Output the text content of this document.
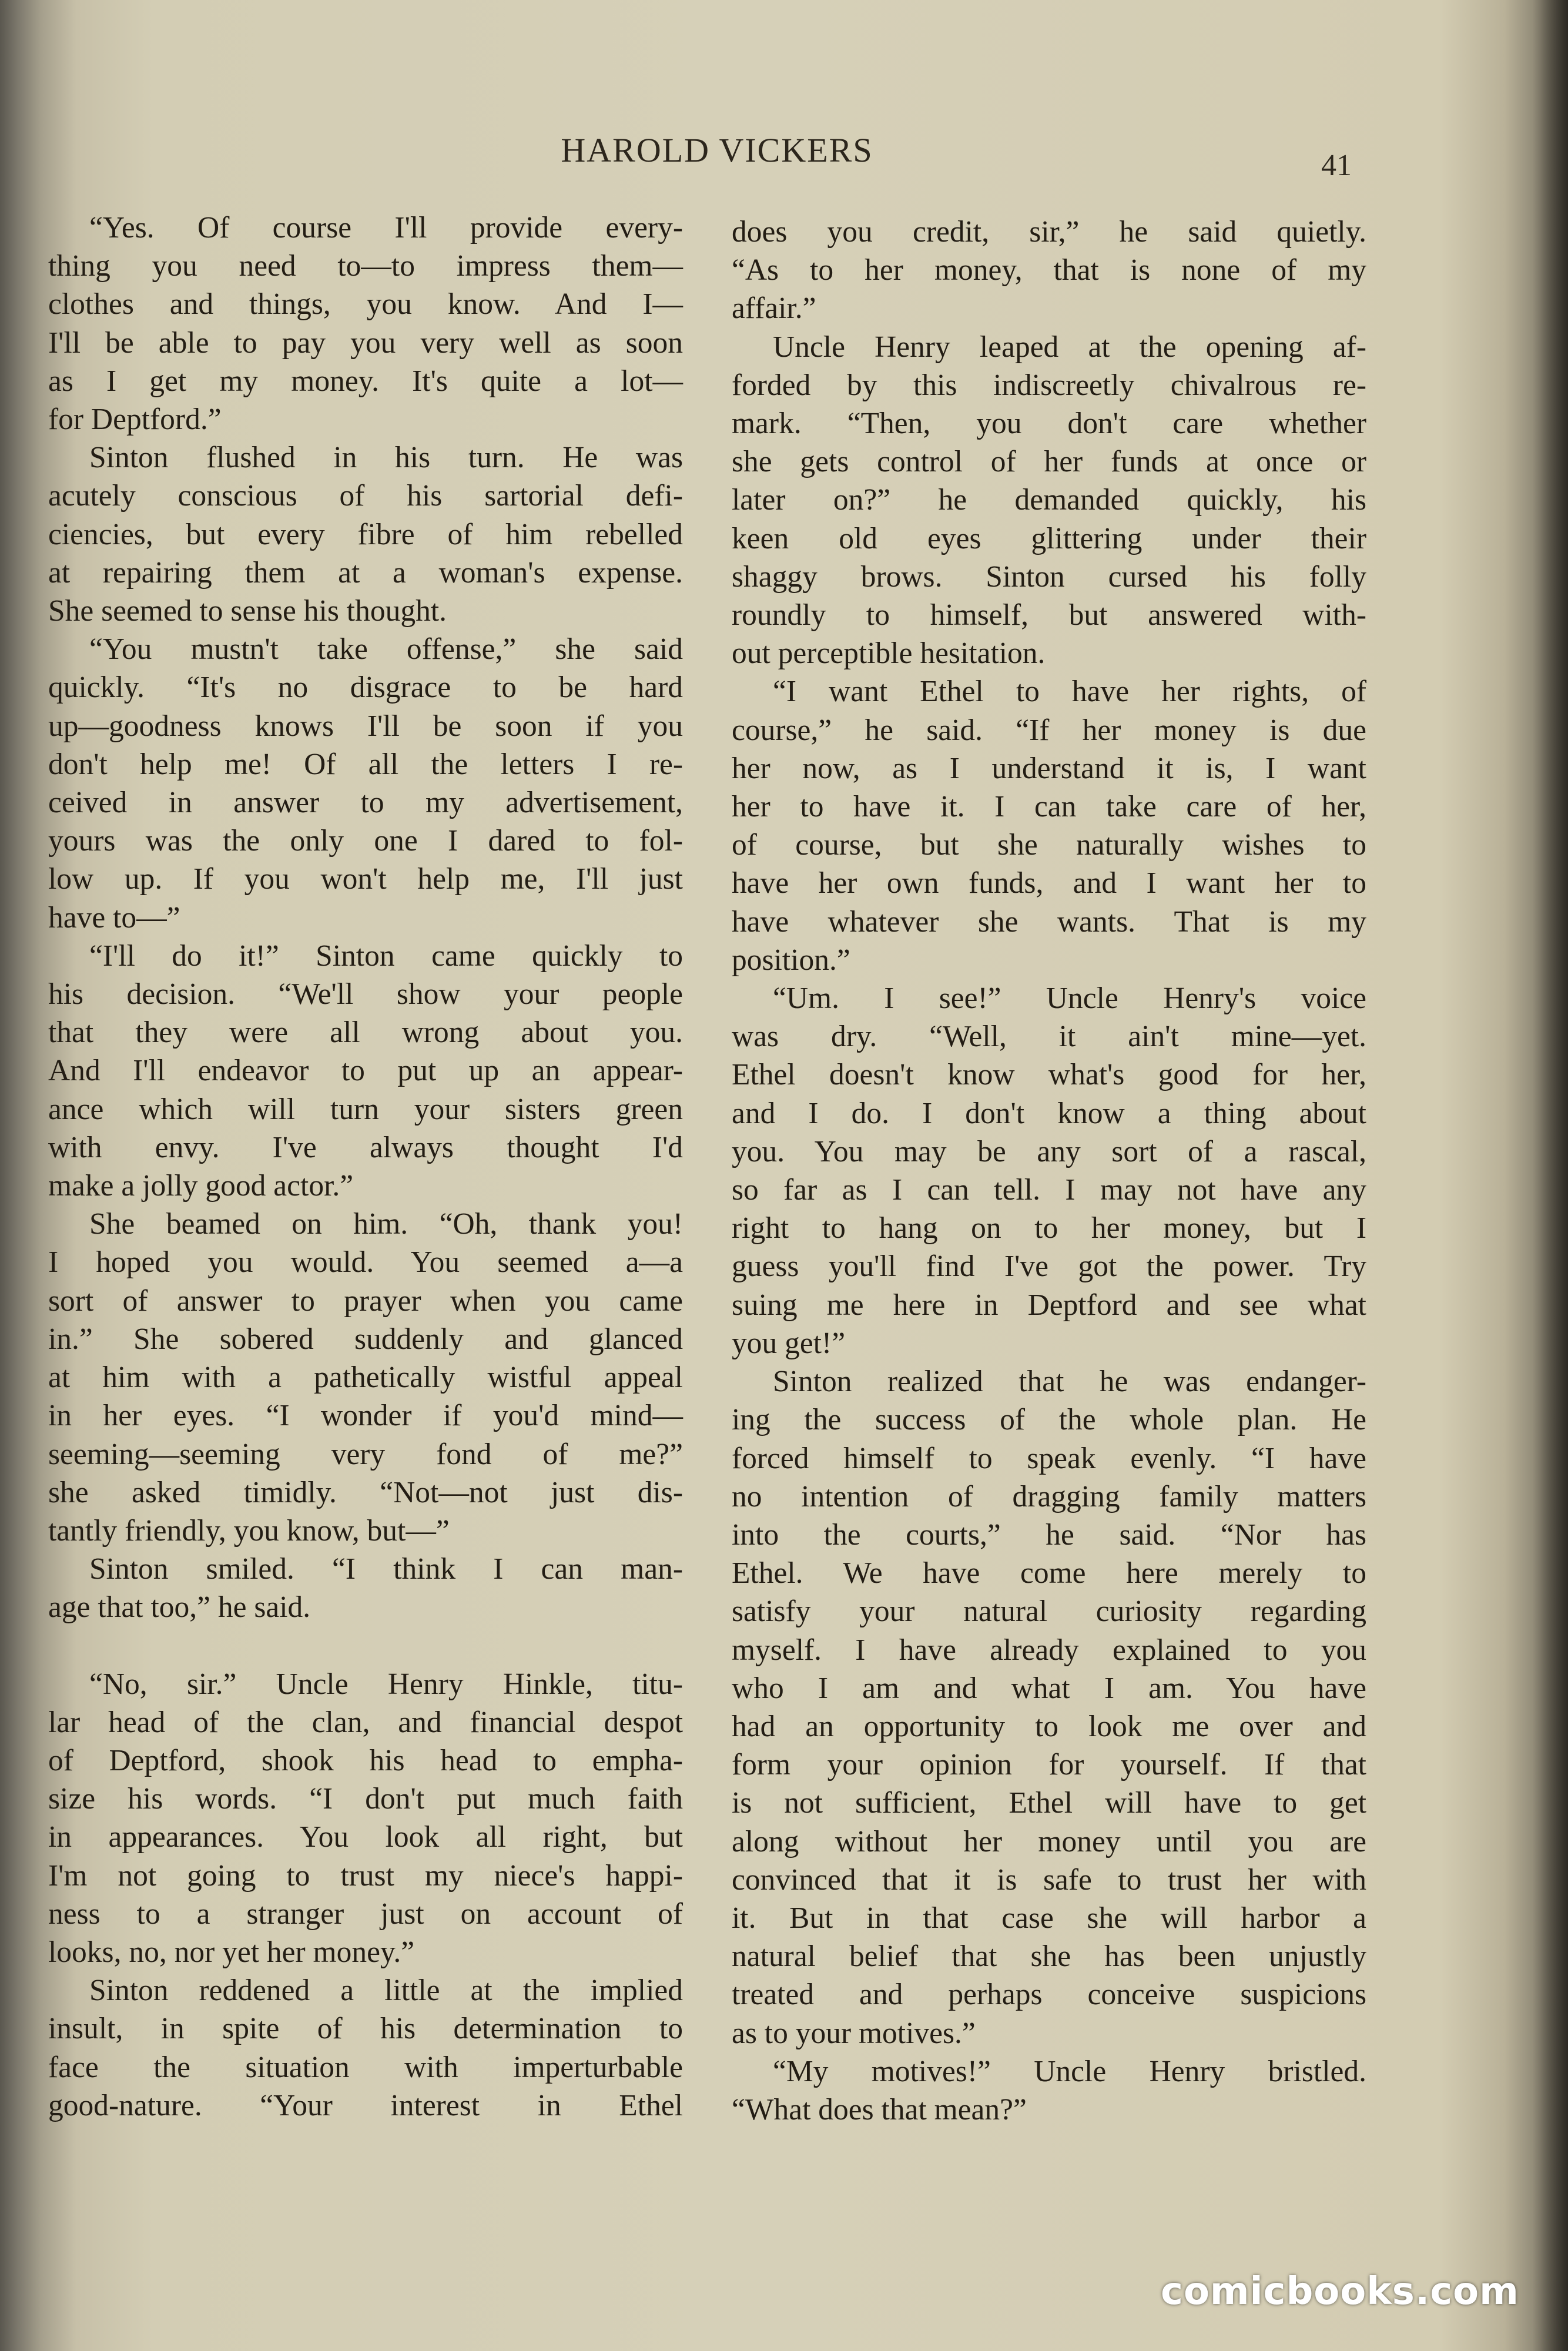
HAROLD VICKERS	41
“Yes. Of course I'll provide every-
thing you need to—to impress them—
clothes and things, you know. And I—
I'll be able to pay you very well as soon
as I get my money. It's quite a lot—
for Deptford.”
Sinton flushed in his turn. He was
acutely conscious of his sartorial defi-
ciencies, but every fibre of him rebelled
at repairing them at a woman's expense.
She seemed to sense his thought.
“You mustn't take offense,” she said
quickly. “It's no disgrace to be hard
up—goodness knows I'll be soon if you
don't help me! Of all the letters I re-
ceived in answer to my advertisement,
yours was the only one I dared to fol-
low up. If you won't help me, I'll just
have to—”
“I'll do it!” Sinton came quickly to
his decision. “We'll show your people
that they were all wrong about you.
And I'll endeavor to put up an appear-
ance which will turn your sisters green
with envy. I've always thought I'd
make a jolly good actor.”
She beamed on him. “Oh, thank you!
I hoped you would. You seemed a—a
sort of answer to prayer when you came
in.” She sobered suddenly and glanced
at him with a pathetically wistful appeal
in her eyes. “I wonder if you'd mind—
seeming—seeming very fond of me?”
she asked timidly. “Not—not just dis-
tantly friendly, you know, but—”
Sinton smiled. “I think I can man-
age that too,” he said.
“No, sir.” Uncle Henry Hinkle, titu-
lar head of the clan, and financial despot
of Deptford, shook his head to empha-
size his words. “I don't put much faith
in appearances. You look all right, but
I'm not going to trust my niece's happi-
ness to a stranger just on account of
looks, no, nor yet her money.”
Sinton reddened a little at the implied
insult, in spite of his determination to
face the situation with imperturbable
good-nature. “Your interest in Ethel
does you credit, sir,” he said quietly.
“As to her money, that is none of my
affair.”
Uncle Henry leaped at the opening af-
forded by this indiscreetly chivalrous re-
mark. “Then, you don't care whether
she gets control of her funds at once or
later on?” he demanded quickly, his
keen old eyes glittering under their
shaggy brows. Sinton cursed his folly
roundly to himself, but answered with-
out perceptible hesitation.
“I want Ethel to have her rights, of
course,” he said. “If her money is due
her now, as I understand it is, I want
her to have it. I can take care of her,
of course, but she naturally wishes to
have her own funds, and I want her to
have whatever she wants. That is my
position.”
“Um. I see!” Uncle Henry's voice
was dry. “Well, it ain't mine—yet.
Ethel doesn't know what's good for her,
and I do. I don't know a thing about
you. You may be any sort of a rascal,
so far as I can tell. I may not have any
right to hang on to her money, but I
guess you'll find I've got the power. Try
suing me here in Deptford and see what
you get!”
Sinton realized that he was endanger-
ing the success of the whole plan. He
forced himself to speak evenly. “I have
no intention of dragging family matters
into the courts,” he said. “Nor has
Ethel. We have come here merely to
satisfy your natural curiosity regarding
myself. I have already explained to you
who I am and what I am. You have
had an opportunity to look me over and
form your opinion for yourself. If that
is not sufficient, Ethel will have to get
along without her money until you are
convinced that it is safe to trust her with
it. But in that case she will harbor a
natural belief that she has been unjustly
treated and perhaps conceive suspicions
as to your motives.”
“My motives!” Uncle Henry bristled.
“What does that mean?”
comicbooks.com
